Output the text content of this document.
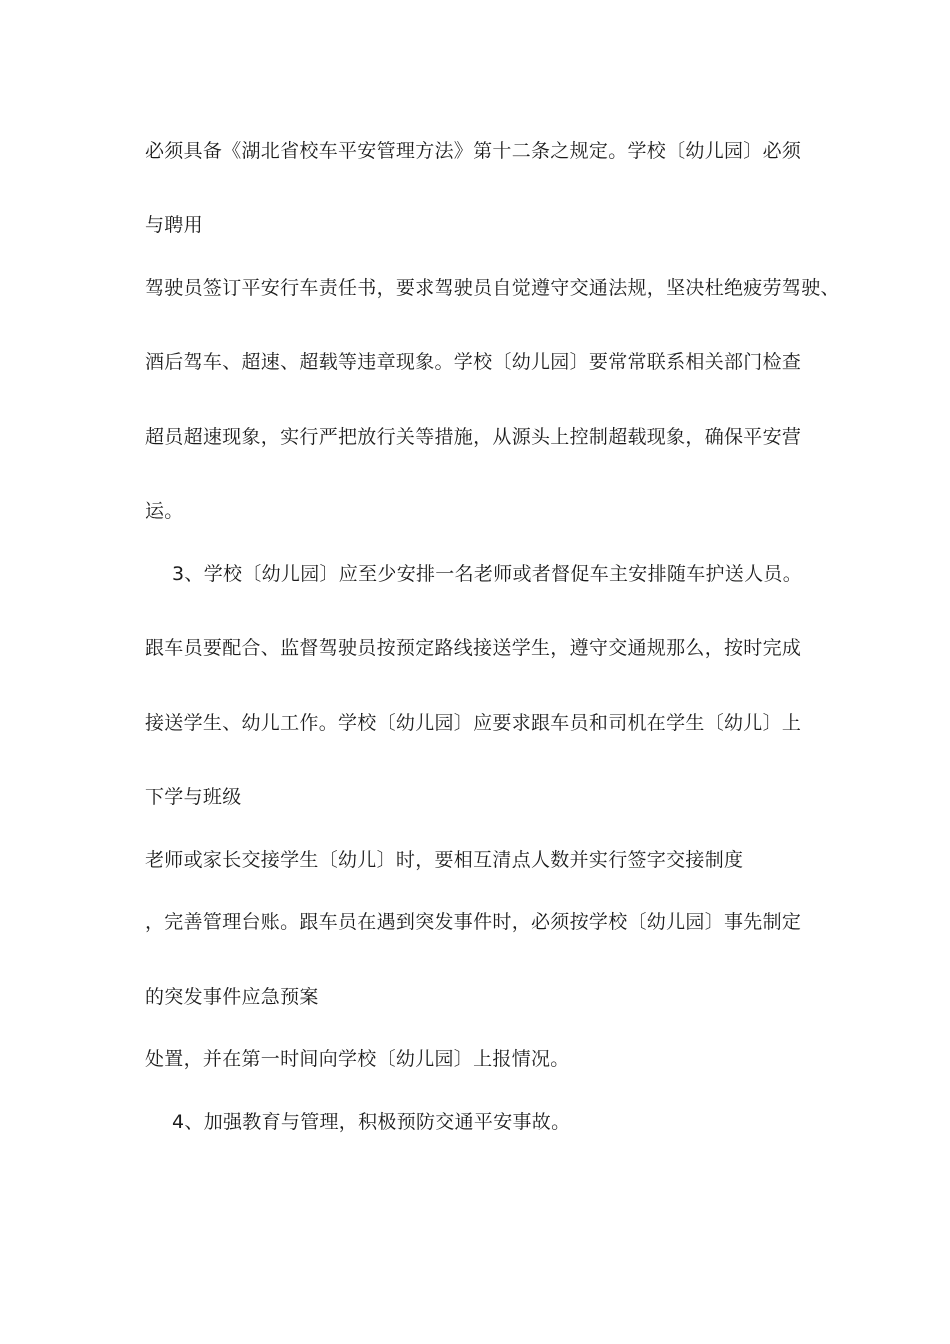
必须具备《湖北省校车平安管理方法》第十二条之规定。学校〔幼儿园〕必须

与聘用

驾驶员签订平安行车责任书，要求驾驶员自觉遵守交通法规，坚决杜绝疲劳驾驶、

酒后驾车、超速、超载等违章现象。学校〔幼儿园〕要常常联系相关部门检查

超员超速现象，实行严把放行关等措施，从源头上控制超载现象，确保平安营

运。

3、学校〔幼儿园〕应至少安排一名老师或者督促车主安排随车护送人员。

跟车员要配合、监督驾驶员按预定路线接送学生，遵守交通规那么，按时完成

接送学生、幼儿工作。学校〔幼儿园〕应要求跟车员和司机在学生〔幼儿〕上

下学与班级

老师或家长交接学生〔幼儿〕时，要相互清点人数并实行签字交接制度

，完善管理台账。跟车员在遇到突发事件时，必须按学校〔幼儿园〕事先制定

的突发事件应急预案

处置，并在第一时间向学校〔幼儿园〕上报情况。

4、加强教育与管理，积极预防交通平安事故。
